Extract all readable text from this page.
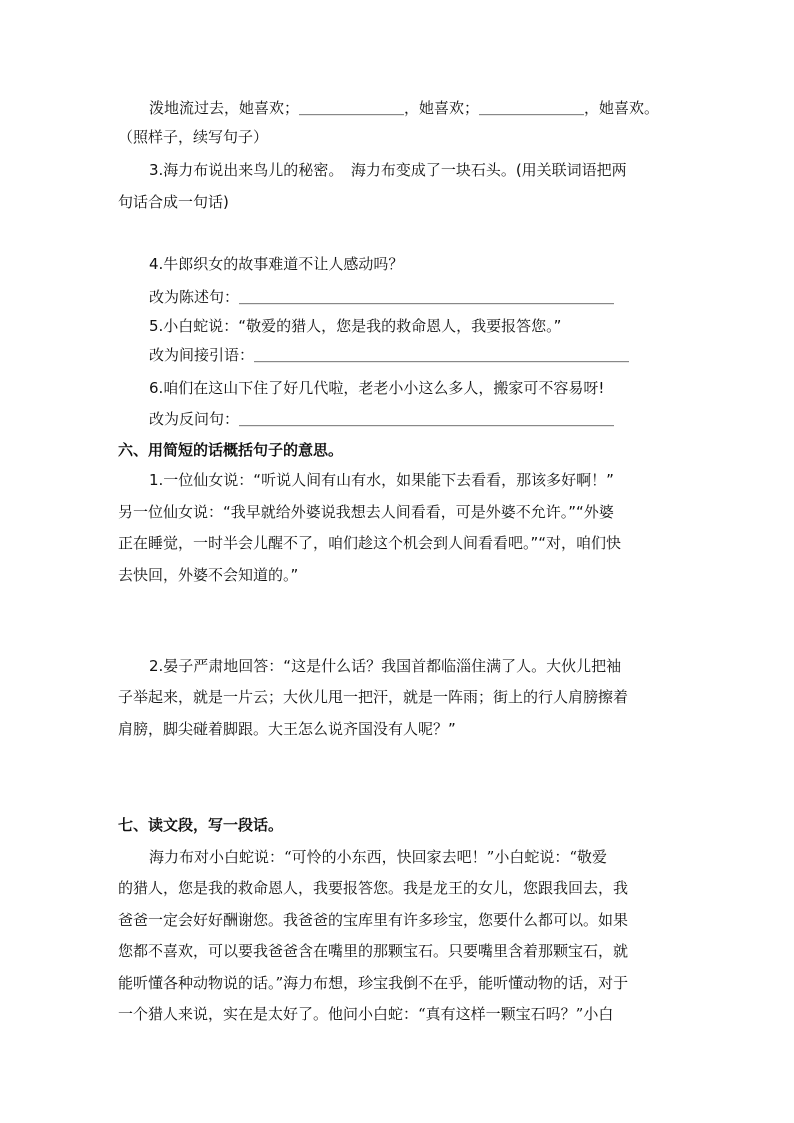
泼地流过去，她喜欢；＿＿＿＿＿＿＿，她喜欢；＿＿＿＿＿＿＿，她喜欢。
（照样子，续写句子）
3.海力布说出来鸟儿的秘密。　海力布变成了一块石头。(用关联词语把两
句话合成一句话)
4.牛郎织女的故事难道不让人感动吗？
改为陈述句：＿＿＿＿＿＿＿＿＿＿＿＿＿＿＿＿＿＿＿＿＿＿＿＿＿
5.小白蛇说：“敬爱的猎人，您是我的救命恩人，我要报答您。”
改为间接引语：＿＿＿＿＿＿＿＿＿＿＿＿＿＿＿＿＿＿＿＿＿＿＿＿＿
6.咱们在这山下住了好几代啦，老老小小这么多人，搬家可不容易呀!
改为反问句：＿＿＿＿＿＿＿＿＿＿＿＿＿＿＿＿＿＿＿＿＿＿＿＿＿
六、用简短的话概括句子的意思。
1.一位仙女说：“听说人间有山有水，如果能下去看看，那该多好啊！”
另一位仙女说：“我早就给外婆说我想去人间看看，可是外婆不允许。”“外婆
正在睡觉，一时半会儿醒不了，咱们趁这个机会到人间看看吧。”“对，咱们快
去快回，外婆不会知道的。”
2.晏子严肃地回答：“这是什么话？我国首都临淄住满了人。大伙儿把袖
子举起来，就是一片云；大伙儿甩一把汗，就是一阵雨；街上的行人肩膀擦着
肩膀，脚尖碰着脚跟。大王怎么说齐国没有人呢？”
七、读文段，写一段话。
海力布对小白蛇说：“可怜的小东西，快回家去吧！”小白蛇说：“敬爱
的猎人，您是我的救命恩人，我要报答您。我是龙王的女儿，您跟我回去，我
爸爸一定会好好酬谢您。我爸爸的宝库里有许多珍宝，您要什么都可以。如果
您都不喜欢，可以要我爸爸含在嘴里的那颗宝石。只要嘴里含着那颗宝石，就
能听懂各种动物说的话。”海力布想，珍宝我倒不在乎，能听懂动物的话，对于
一个猎人来说，实在是太好了。他问小白蛇：“真有这样一颗宝石吗？”小白
